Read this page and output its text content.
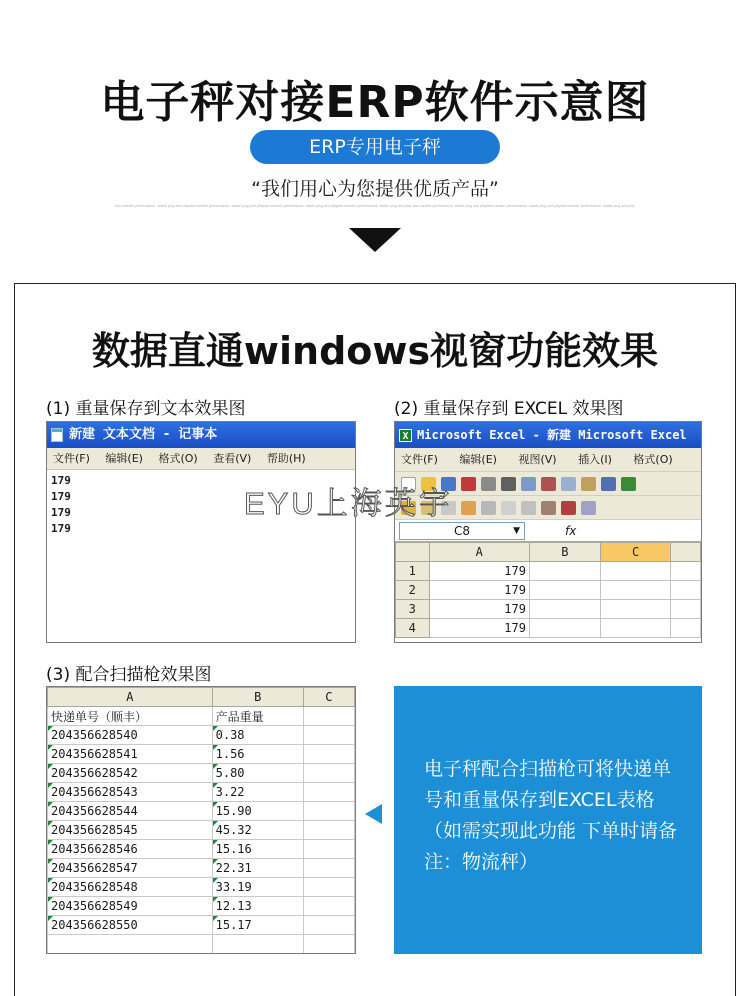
电子秤对接ERP软件示意图
ERP专用电子秤
“我们用心为您提供优质产品”
fast transfer performance, stable plug and playfast transfer performance, stable plug and playfast transfer performance, stable plug and playfast transfer performance, stable plug and play fast transfer performance, stable plug and playfast transfer performance, stable plug and playfast transfer performance, stable plug and play
数据直通windows视窗功能效果
(1) 重量保存到文本效果图	(2) 重量保存到 EXCEL 效果图
(3) 配合扫描枪效果图
新建 文本文档 - 记事本
文件(F) 编辑(E) 格式(O) 查看(V) 帮助(H)
179
179
179
179
X Microsoft Excel - 新建 Microsoft Excel
文件(F) 编辑(E) 视图(V) 插入(I) 格式(O)
C8	▼	fx
	A	B	C	
1	179			
2	179			
3	179			
4	179			
A	B	C
快递单号（顺丰）	产品重量	
204356628540	0.38	
204356628541	1.56	
204356628542	5.80	
204356628543	3.22	
204356628544	15.90	
204356628545	45.32	
204356628546	15.16	
204356628547	22.31	
204356628548	33.19	
204356628549	12.13	
204356628550	15.17	

电子秤配合扫描枪可将快递单号和重量保存到EXCEL表格（如需实现此功能 下单时请备注：物流秤）
EYU上海英宇
